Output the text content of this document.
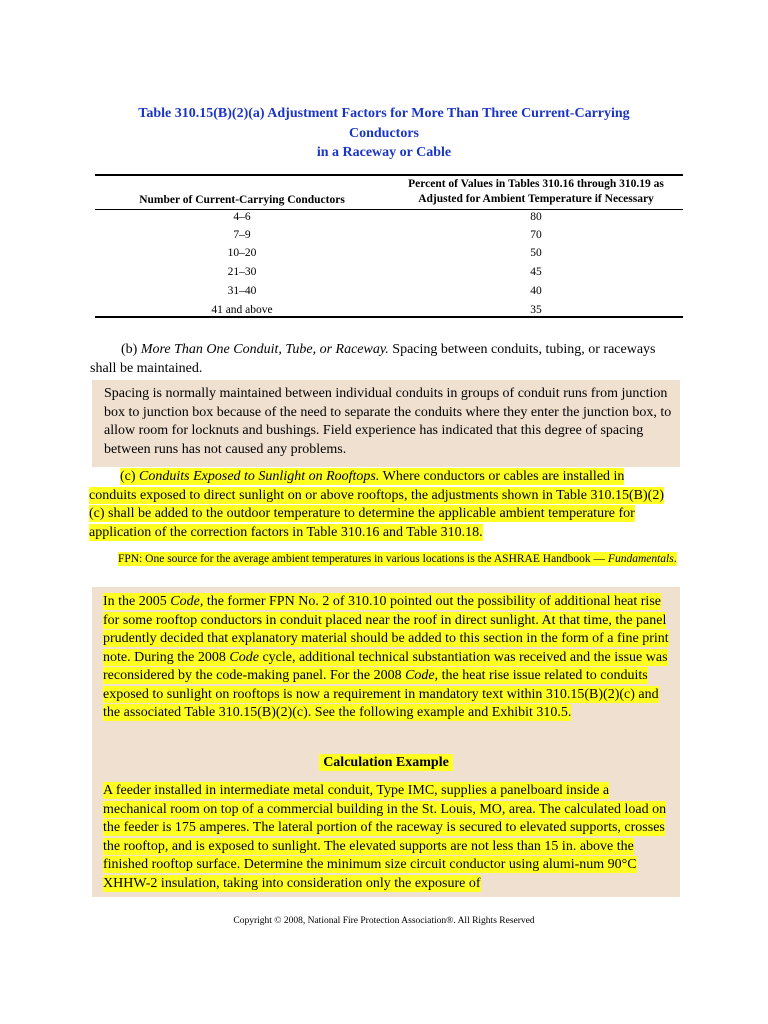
Table 310.15(B)(2)(a) Adjustment Factors for More Than Three Current-Carrying
Conductors
in a Raceway or Cable
Number of Current-Carrying Conductors
Percent of Values in Tables 310.16 through 310.19 as
Adjusted for Ambient Temperature if Necessary
4–6	80
7–9	70
10–20	50
21–30	45
31–40	40
41 and above	35
(b) More Than One Conduit, Tube, or Raceway. Spacing between conduits, tubing, or raceways shall be maintained.
Spacing is normally maintained between individual conduits in groups of conduit runs from junction box to junction box because of the need to separate the conduits where they enter the junction box, to allow room for locknuts and bushings. Field experience has indicated that this degree of spacing between runs has not caused any problems.
(c) Conduits Exposed to Sunlight on Rooftops. Where conductors or cables are installed in conduits exposed to direct sunlight on or above rooftops, the adjustments shown in Table 310.15(B)(2)(c) shall be added to the outdoor temperature to determine the applicable ambient temperature for application of the correction factors in Table 310.16 and Table 310.18.
FPN: One source for the average ambient temperatures in various locations is the ASHRAE Handbook — Fundamentals.
In the 2005 Code, the former FPN No. 2 of 310.10 pointed out the possibility of additional heat rise for some rooftop conductors in conduit placed near the roof in direct sunlight. At that time, the panel prudently decided that explanatory material should be added to this section in the form of a fine print note. During the 2008 Code cycle, additional technical substantiation was received and the issue was reconsidered by the code-making panel. For the 2008 Code, the heat rise issue related to conduits exposed to sunlight on rooftops is now a requirement in mandatory text within 310.15(B)(2)(c) and the associated Table 310.15(B)(2)(c). See the following example and Exhibit 310.5.
Calculation Example
A feeder installed in intermediate metal conduit, Type IMC, supplies a panelboard inside a mechanical room on top of a commercial building in the St. Louis, MO, area. The calculated load on the feeder is 175 amperes. The lateral portion of the raceway is secured to elevated supports, crosses the rooftop, and is exposed to sunlight. The elevated supports are not less than 15 in. above the finished rooftop surface. Determine the minimum size circuit conductor using alumi-num 90°C XHHW-2 insulation, taking into consideration only the exposure of
Copyright © 2008, National Fire Protection Association®. All Rights Reserved
